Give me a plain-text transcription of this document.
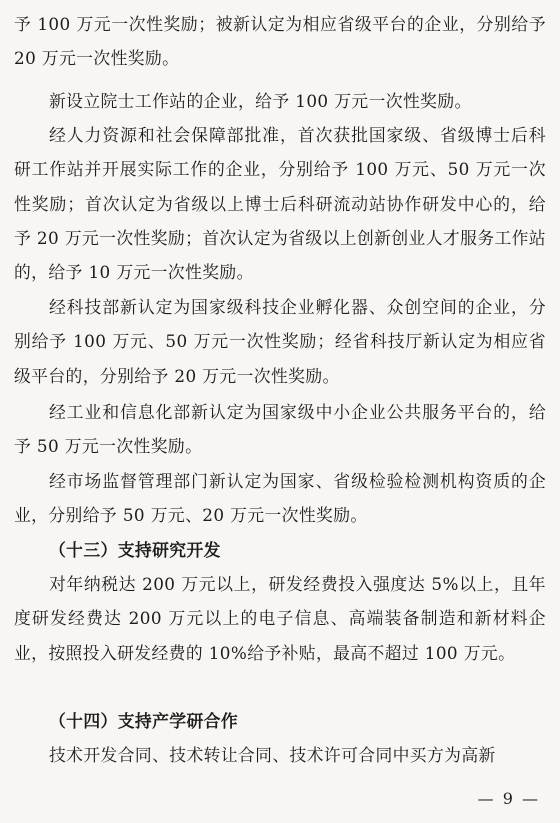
予 100 万元一次性奖励；被新认定为相应省级平台的企业，分别给予 20 万元一次性奖励。

新设立院士工作站的企业，给予 100 万元一次性奖励。

经人力资源和社会保障部批准，首次获批国家级、省级博士后科研工作站并开展实际工作的企业，分别给予 100 万元、50 万元一次性奖励；首次认定为省级以上博士后科研流动站协作研发中心的，给予 20 万元一次性奖励；首次认定为省级以上创新创业人才服务工作站的，给予 10 万元一次性奖励。

经科技部新认定为国家级科技企业孵化器、众创空间的企业，分别给予 100 万元、50 万元一次性奖励；经省科技厅新认定为相应省级平台的，分别给予 20 万元一次性奖励。

经工业和信息化部新认定为国家级中小企业公共服务平台的，给予 50 万元一次性奖励。

经市场监督管理部门新认定为国家、省级检验检测机构资质的企业，分别给予 50 万元、20 万元一次性奖励。

（十三）支持研究开发

对年纳税达 200 万元以上，研发经费投入强度达 5%以上，且年度研发经费达 200 万元以上的电子信息、高端装备制造和新材料企业，按照投入研发经费的 10%给予补贴，最高不超过 100 万元。

（十四）支持产学研合作

技术开发合同、技术转让合同、技术许可合同中买方为高新

— 9 —
